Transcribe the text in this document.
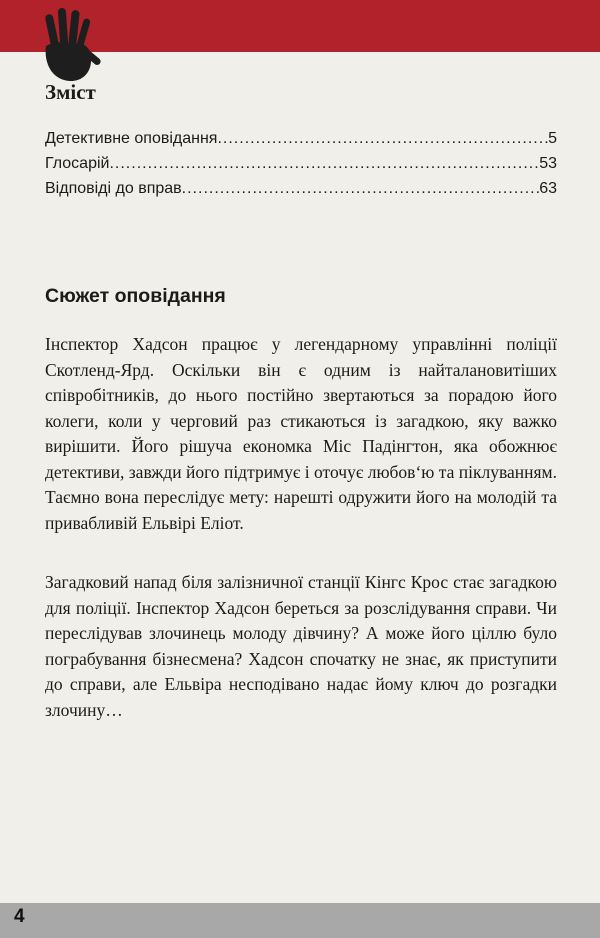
Зміст
Детективне оповідання .....	5
Глосарій .....	53
Відповіді до вправ .....	63
Сюжет оповідання

Інспектор Хадсон працює у легендарному управлінні поліції Скотленд-Ярд. Оскільки він є одним із найталановитіших співробітників, до нього постійно звертаються за порадою його колеги, коли у черговий раз стикаються із загадкою, яку важко вирішити. Його рішуча економка Міс Падінгтон, яка обожнює детективи, завжди його підтримує і оточує любов‘ю та піклуванням. Таємно вона переслідує мету: нарешті одружити його на молодій та привабливій Ельвірі Еліот.

Загадковий напад біля залізничної станції Кінгс Крос стає загадкою для поліції. Інспектор Хадсон береться за розслідування справи. Чи переслідував злочинець молоду дівчину? А може його ціллю було пограбування бізнесмена? Хадсон спочатку не знає, як приступити до справи, але Ельвіра несподівано надає йому ключ до розгадки злочину…

4
